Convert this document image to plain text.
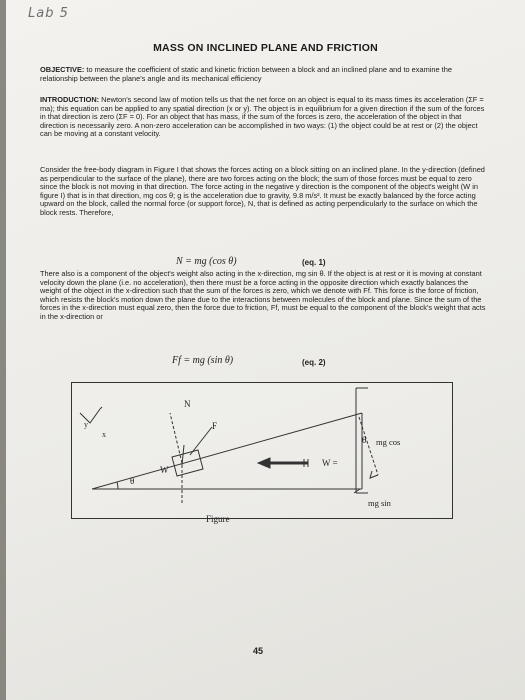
Lab 5
MASS ON INCLINED PLANE AND FRICTION
OBJECTIVE: to measure the coefficient of static and kinetic friction between a block and an inclined plane and to examine the relationship between the plane's angle and its mechanical efficiency
INTRODUCTION: Newton's second law of motion tells us that the net force on an object is equal to its mass times its acceleration (ΣF = ma); this equation can be applied to any spatial direction (x or y). The object is in equilibrium for a given direction if the sum of the forces in that direction is zero (ΣF = 0). For an object that has mass, if the sum of the forces is zero, the acceleration of the object in that direction is necessarily zero. A non-zero acceleration can be accomplished in two ways: (1) the object could be at rest or (2) the object can be moving at a constant velocity.
Consider the free-body diagram in Figure I that shows the forces acting on a block sitting on an inclined plane. In the y-direction (defined as perpendicular to the surface of the plane), there are two forces acting on the block; the sum of those forces must be equal to zero since the block is not moving in that direction. The force acting in the negative y direction is the component of the object's weight (W in figure I) that is in that direction, mg cos θ; g is the acceleration due to gravity, 9.8 m/s². It must be exactly balanced by the force acting upward on the block, called the normal force (or support force), N, that is defined as acting perpendicularly to the surface on which the block rests. Therefore,
N = mg (cos θ)	(eq. 1)
There also is a component of the object's weight also acting in the x-direction, mg sin θ. If the object is at rest or it is moving at constant velocity down the plane (i.e. no acceleration), then there must be a force acting in the opposite direction which exactly balances the weight of the object in the x-direction such that the sum of the forces is zero, which we denote with Ff. This force is the force of friction, which resists the block's motion down the plane due to the interactions between molecules of the block and plane. Since the sum of the forces in the x-direction must equal zero, then the force due to friction, Ff, must be equal to the component of the block's weight that acts in the x-direction or
Ff = mg (sin θ)	(eq. 2)
y
x
N
F
W
θ
W =
θ mg cos
mg sin
Figure
45
